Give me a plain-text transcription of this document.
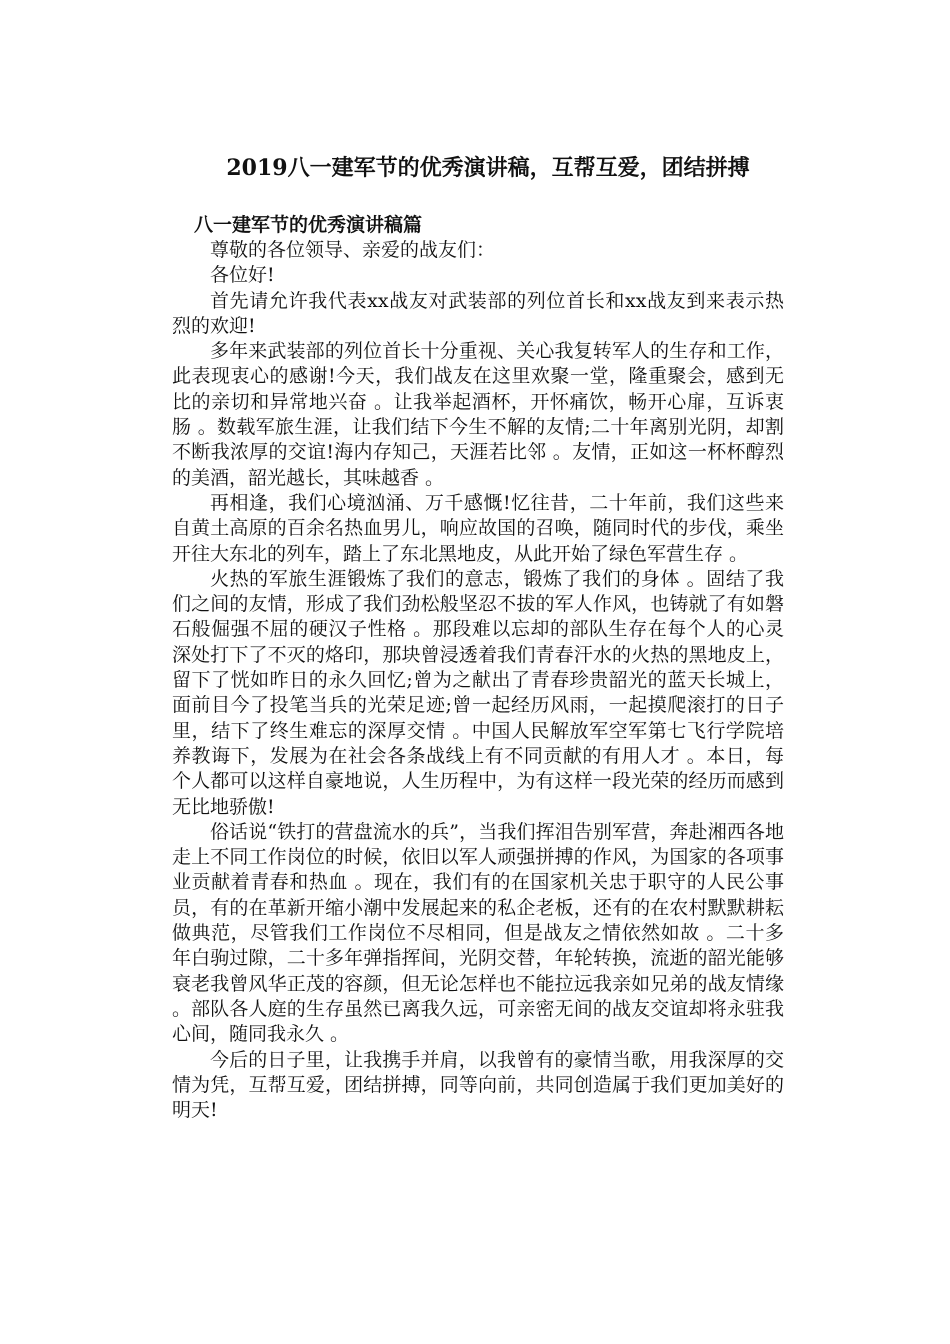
2019八一建军节的优秀演讲稿，互帮互爱，团结拼搏
八一建军节的优秀演讲稿篇

尊敬的各位领导、亲爱的战友们：

各位好!

首先请允许我代表xx战友对武装部的列位首长和xx战友到来表示热烈的欢迎!

多年来武装部的列位首长十分重视、关心我复转军人的生存和工作，此表现衷心的感谢!今天，我们战友在这里欢聚一堂，隆重聚会，感到无比的亲切和异常地兴奋 。让我举起酒杯，开怀痛饮，畅开心扉，互诉衷肠 。数载军旅生涯，让我们结下今生不解的友情;二十年离别光阴，却割不断我浓厚的交谊!海内存知己，天涯若比邻 。友情，正如这一杯杯醇烈的美酒，韶光越长，其味越香 。

再相逢，我们心境汹涌、万千感慨!忆往昔，二十年前，我们这些来自黄土高原的百余名热血男儿，响应故国的召唤，随同时代的步伐，乘坐开往大东北的列车，踏上了东北黑地皮，从此开始了绿色军营生存 。

火热的军旅生涯锻炼了我们的意志，锻炼了我们的身体 。固结了我们之间的友情，形成了我们劲松般坚忍不拔的军人作风，也铸就了有如磐石般倔强不屈的硬汉子性格 。那段难以忘却的部队生存在每个人的心灵深处打下了不灭的烙印，那块曾浸透着我们青春汗水的火热的黑地皮上，留下了恍如昨日的永久回忆;曾为之献出了青春珍贵韶光的蓝天长城上，面前目今了投笔当兵的光荣足迹;曾一起经历风雨，一起摸爬滚打的日子里，结下了终生难忘的深厚交情 。中国人民解放军空军第七飞行学院培养教诲下，发展为在社会各条战线上有不同贡献的有用人才 。本日，每个人都可以这样自豪地说，人生历程中，为有这样一段光荣的经历而感到无比地骄傲!

俗话说“铁打的营盘流水的兵”，当我们挥泪告别军营，奔赴湘西各地走上不同工作岗位的时候，依旧以军人顽强拼搏的作风，为国家的各项事业贡献着青春和热血 。现在，我们有的在国家机关忠于职守的人民公事员，有的在革新开缩小潮中发展起来的私企老板，还有的在农村默默耕耘做典范，尽管我们工作岗位不尽相同，但是战友之情依然如故 。二十多年白驹过隙，二十多年弹指挥间，光阴交替，年轮转换，流逝的韶光能够衰老我曾风华正茂的容颜，但无论怎样也不能拉远我亲如兄弟的战友情缘 。部队各人庭的生存虽然已离我久远，可亲密无间的战友交谊却将永驻我心间，随同我永久 。

今后的日子里，让我携手并肩，以我曾有的豪情当歌，用我深厚的交情为凭，互帮互爱，团结拼搏，同等向前，共同创造属于我们更加美好的明天!
